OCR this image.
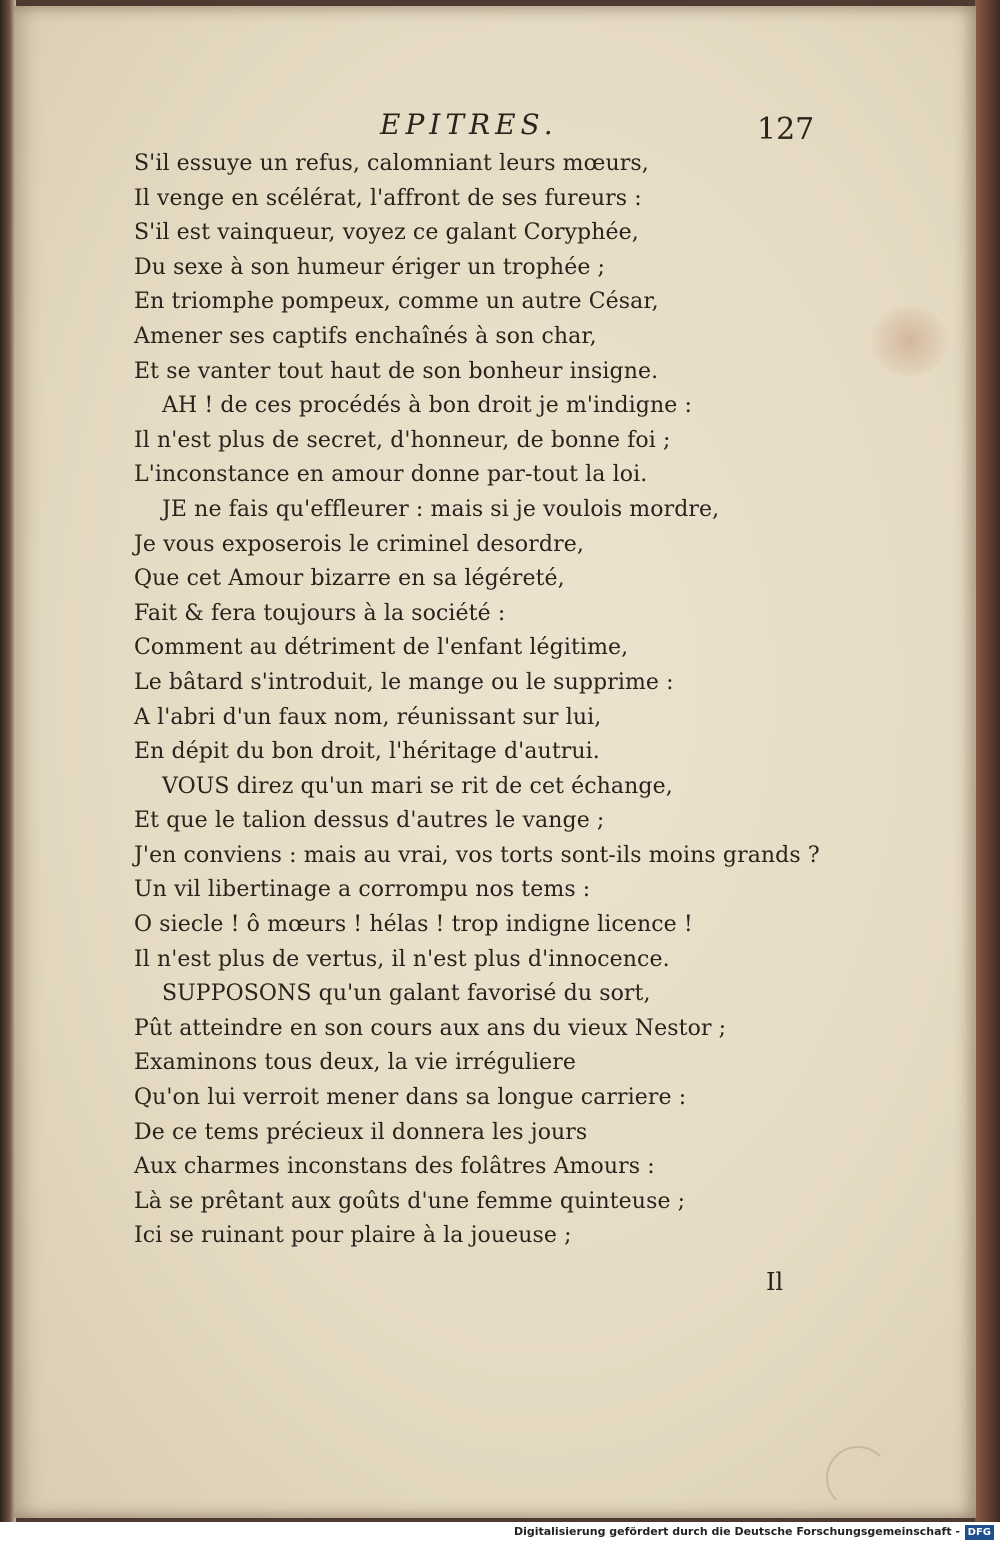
EPITRES.	127
S'il essuye un refus, calomniant leurs mœurs,
Il venge en scélérat, l'affront de ses fureurs :
S'il est vainqueur, voyez ce galant Coryphée,
Du sexe à son humeur ériger un trophée ;
En triomphe pompeux, comme un autre César,
Amener ses captifs enchaînés à son char,
Et se vanter tout haut de son bonheur insigne.
AH ! de ces procédés à bon droit je m'indigne :
Il n'est plus de secret, d'honneur, de bonne foi ;
L'inconstance en amour donne par-tout la loi.
JE ne fais qu'effleurer : mais si je voulois mordre,
Je vous exposerois le criminel desordre,
Que cet Amour bizarre en sa légéreté,
Fait & fera toujours à la société :
Comment au détriment de l'enfant légitime,
Le bâtard s'introduit, le mange ou le supprime :
A l'abri d'un faux nom, réunissant sur lui,
En dépit du bon droit, l'héritage d'autrui.
VOUS direz qu'un mari se rit de cet échange,
Et que le talion dessus d'autres le vange ;
J'en conviens : mais au vrai, vos torts sont-ils moins grands ?
Un vil libertinage a corrompu nos tems :
O siecle ! ô mœurs ! hélas ! trop indigne licence !
Il n'est plus de vertus, il n'est plus d'innocence.
SUPPOSONS qu'un galant favorisé du sort,
Pût atteindre en son cours aux ans du vieux Nestor ;
Examinons tous deux, la vie irréguliere
Qu'on lui verroit mener dans sa longue carriere :
De ce tems précieux il donnera les jours
Aux charmes inconstans des folâtres Amours :
Là se prêtant aux goûts d'une femme quinteuse ;
Ici se ruinant pour plaire à la joueuse ;
Il
Digitalisierung gefördert durch die Deutsche Forschungsgemeinschaft - DFG
